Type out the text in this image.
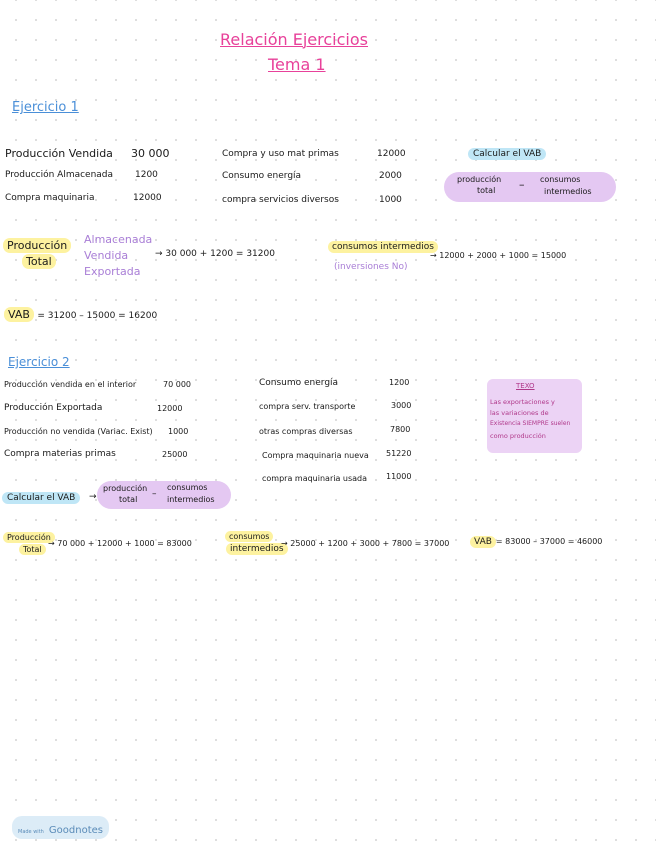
Relación Ejercicios
Tema 1
Ejercicio 1
Producción Vendida 30 000
Producción Almacenada 1200
Compra maquinaria	12000
Compra y uso mat primas	12000
Consumo energía	2000
compra servicios diversos	1000
Calcular el VAB
producción
total – consumos
intermedios
Producción
Total
Almacenada
Vendida
Exportada
→ 30 000 + 1200 = 31200
consumos intermedios
(inversiones No)
→ 12000 + 2000 + 1000 = 15000
VAB = 31200 – 15000 = 16200
Ejercicio 2
Producción vendida en el interior	70 000
Producción Exportada	12000
Producción no vendida (Variac. Exist) 1000
Compra materias primas	25000
Consumo energía	1200
compra serv. transporte	3000
otras compras diversas	7800
Compra maquinaria nueva 51220
compra maquinaria usada 11000
TEXO
Las exportaciones y
las variaciones de
Existencia SIEMPRE suelen
como producción
Calcular el VAB	→
producción
total
–
consumos
intermedios
Producción
Total
→ 70 000 + 12000 + 1000 = 83000
consumos
intermedios
→ 25000 + 1200 + 3000 + 7800 = 37000	VAB = 83000 – 37000 = 46000
Made with Goodnotes
